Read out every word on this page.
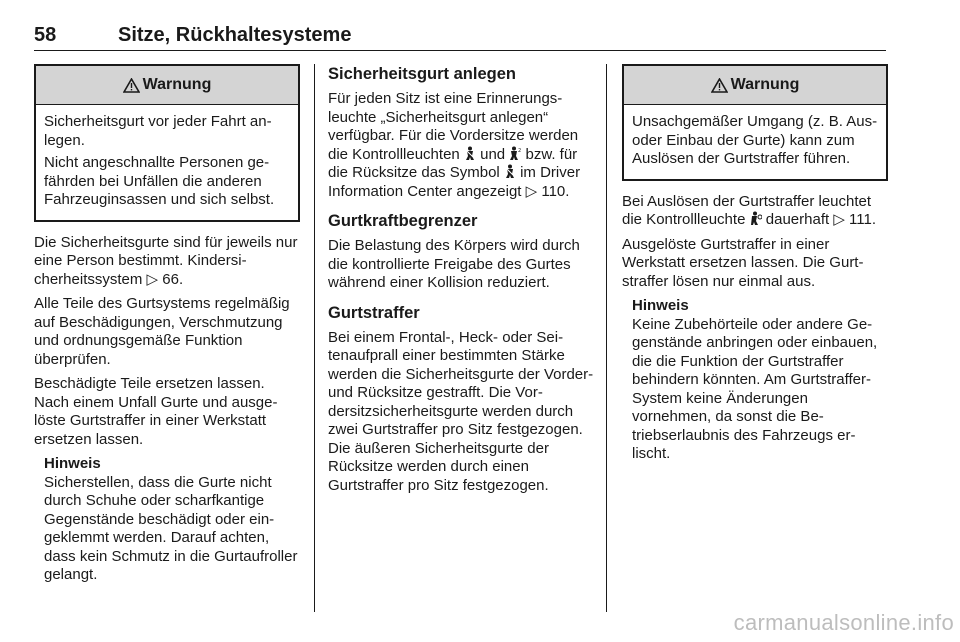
58	Sitze, Rückhaltesysteme
Warnung

Sicherheitsgurt vor jeder Fahrt anlegen.

Nicht angeschnallte Personen gefährden bei Unfällen die anderen Fahrzeuginsassen und sich selbst.

Die Sicherheitsgurte sind für jeweils nur eine Person bestimmt. Kindersicherheitssystem ▷ 66.

Alle Teile des Gurtsystems regelmäßig auf Beschädigungen, Verschmutzung und ordnungsgemäße Funktion überprüfen.

Beschädigte Teile ersetzen lassen. Nach einem Unfall Gurte und ausgelöste Gurtstraffer in einer Werkstatt ersetzen lassen.

Hinweis
Sicherstellen, dass die Gurte nicht durch Schuhe oder scharfkantige Gegenstände beschädigt oder eingeklemmt werden. Darauf achten, dass kein Schmutz in die Gurtaufroller gelangt.
Sicherheitsgurt anlegen

Für jeden Sitz ist eine Erinnerungsleuchte „Sicherheitsgurt anlegen“ verfügbar. Für die Vordersitze werden die Kontrollleuchten und	2 bzw. für die Rücksitze das Symbol im Driver Information Center angezeigt ▷ 110.

Gurtkraftbegrenzer

Die Belastung des Körpers wird durch die kontrollierte Freigabe des Gurtes während einer Kollision reduziert.

Gurtstraffer

Bei einem Frontal-, Heck- oder Seitenaufprall einer bestimmten Stärke werden die Sicherheitsgurte der Vorder- und Rücksitze gestrafft. Die Vordersitzsicherheitsgurte werden durch zwei Gurtstraffer pro Sitz festgezogen. Die äußeren Sicherheitsgurte der Rücksitze werden durch einen Gurtstraffer pro Sitz festgezogen.

Warnung

Unsachgemäßer Umgang (z. B. Aus- oder Einbau der Gurte) kann zum Auslösen der Gurtstraffer führen.

Bei Auslösen der Gurtstraffer leuchtet die Kontrollleuchte dauerhaft ▷ 111.

Ausgelöste Gurtstraffer in einer Werkstatt ersetzen lassen. Die Gurtstraffer lösen nur einmal aus.

Hinweis
Keine Zubehörteile oder andere Gegenstände anbringen oder einbauen, die die Funktion der Gurtstraffer behindern könnten. Am Gurtstraffer-System keine Änderungen vornehmen, da sonst die Betriebserlaubnis des Fahrzeugs erlischt.
carmanualsonline.info
